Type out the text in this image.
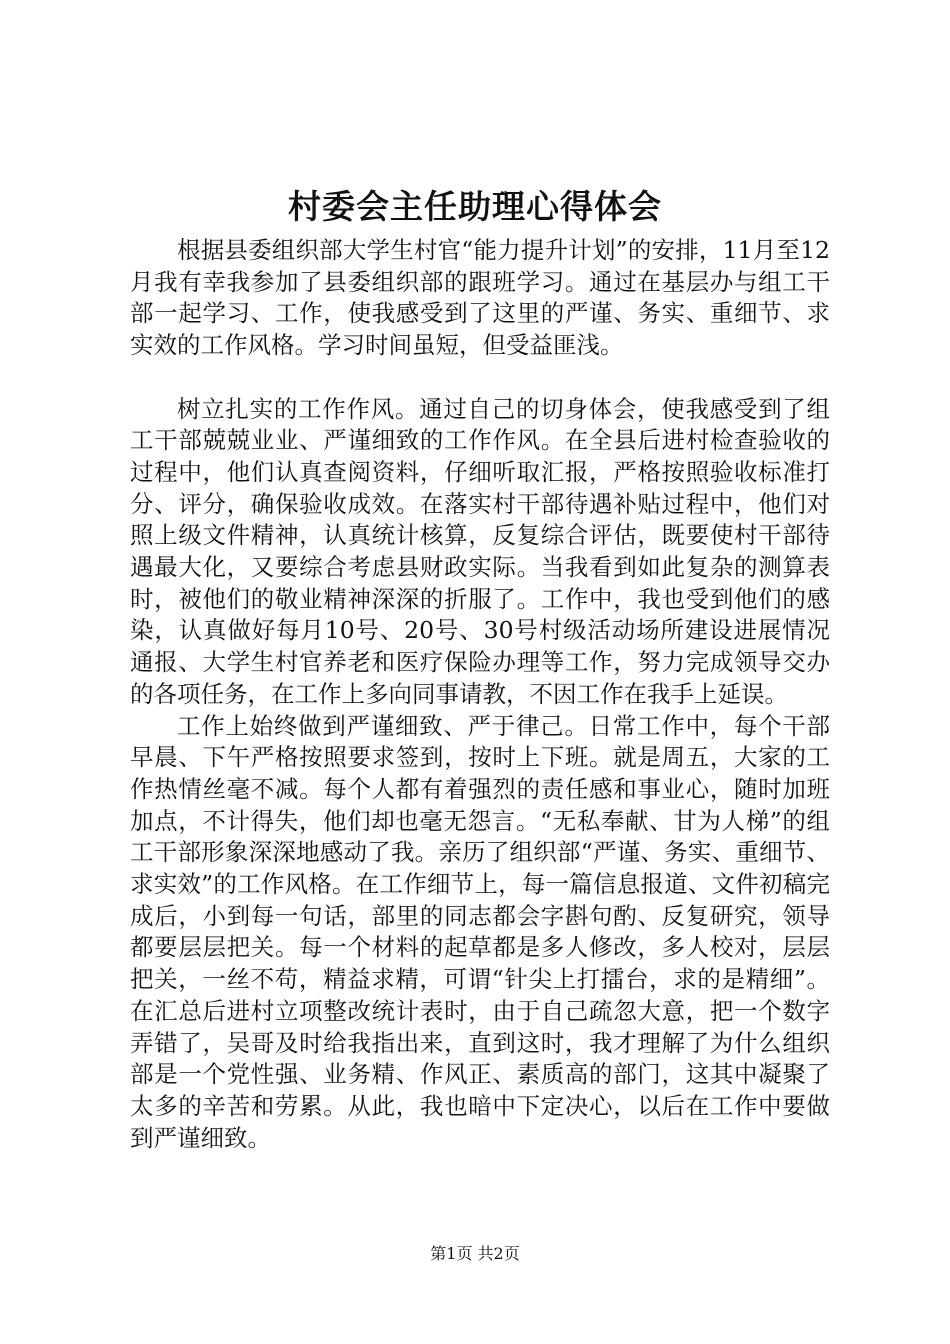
村委会主任助理心得体会

根据县委组织部大学生村官“能力提升计划”的安排，11月至12月我有幸我参加了县委组织部的跟班学习。通过在基层办与组工干部一起学习、工作，使我感受到了这里的严谨、务实、重细节、求实效的工作风格。学习时间虽短，但受益匪浅。

树立扎实的工作作风。通过自己的切身体会，使我感受到了组工干部兢兢业业、严谨细致的工作作风。在全县后进村检查验收的过程中，他们认真查阅资料，仔细听取汇报，严格按照验收标准打分、评分，确保验收成效。在落实村干部待遇补贴过程中，他们对照上级文件精神，认真统计核算，反复综合评估，既要使村干部待遇最大化，又要综合考虑县财政实际。当我看到如此复杂的测算表时，被他们的敬业精神深深的折服了。工作中，我也受到他们的感染，认真做好每月10号、20号、30号村级活动场所建设进展情况通报、大学生村官养老和医疗保险办理等工作，努力完成领导交办的各项任务，在工作上多向同事请教，不因工作在我手上延误。

工作上始终做到严谨细致、严于律己。日常工作中，每个干部早晨、下午严格按照要求签到，按时上下班。就是周五，大家的工作热情丝毫不减。每个人都有着强烈的责任感和事业心，随时加班加点，不计得失，他们却也毫无怨言。“无私奉献、甘为人梯”的组工干部形象深深地感动了我。亲历了组织部“严谨、务实、重细节、求实效”的工作风格。在工作细节上，每一篇信息报道、文件初稿完成后，小到每一句话，部里的同志都会字斟句酌、反复研究，领导都要层层把关。每一个材料的起草都是多人修改，多人校对，层层把关，一丝不苟，精益求精，可谓“针尖上打擂台，求的是精细”。在汇总后进村立项整改统计表时，由于自己疏忽大意，把一个数字弄错了，吴哥及时给我指出来，直到这时，我才理解了为什么组织部是一个党性强、业务精、作风正、素质高的部门，这其中凝聚了太多的辛苦和劳累。从此，我也暗中下定决心，以后在工作中要做到严谨细致。

第1页 共2页
